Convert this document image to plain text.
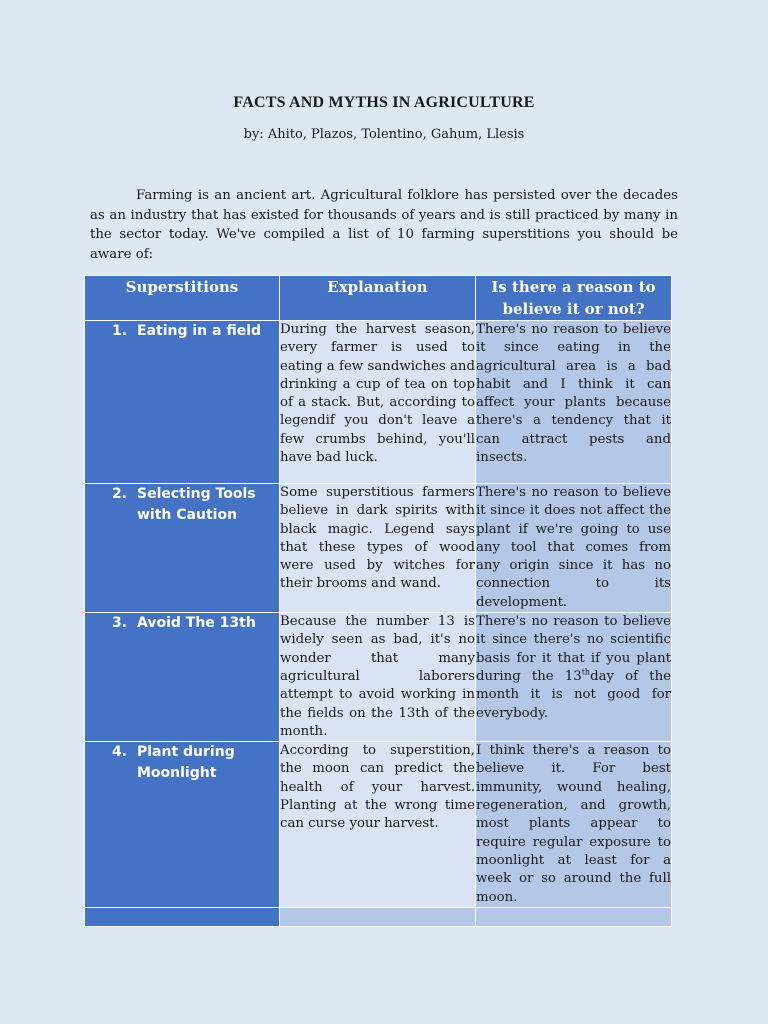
FACTS AND MYTHS IN AGRICULTURE
by: Ahito, Plazos, Tolentino, Gahum, Llesis

Farming is an ancient art. Agricultural folklore has persisted over the decades as an industry that has existed for thousands of years and is still practiced by many in the sector today. We've compiled a list of 10 farming superstitions you should be aware of:

Superstitions	Explanation	Is there a reason to believe it or not?

1. Eating in a field	During the harvest season, every farmer is used to eating a few sandwiches and drinking a cup of tea on top of a stack. But, according to legendif you don't leave a few crumbs behind, you'll have bad luck.	There's no reason to believe it since eating in the agricultural area is a bad habit and I think it can affect your plants because there's a tendency that it can attract pests and insects.

2. Selecting Tools with Caution	Some superstitious farmers believe in dark spirits with black magic. Legend says that these types of wood were used by witches for their brooms and wand.	There's no reason to believe it since it does not affect the plant if we're going to use any tool that comes from any origin since it has no connection to its development.

3. Avoid The 13th	Because the number 13 is widely seen as bad, it's no wonder that many agricultural laborers attempt to avoid working in the fields on the 13th of the month.	There's no reason to believe it since there's no scientific basis for it that if you plant during the 13thday of the month it is not good for everybody.

4. Plant during Moonlight	According to superstition, the moon can predict the health of your harvest. Planting at the wrong time can curse your harvest.	I think there's a reason to believe it. For best immunity, wound healing, regeneration, and growth, most plants appear to require regular exposure to moonlight at least for a week or so around the full moon.
